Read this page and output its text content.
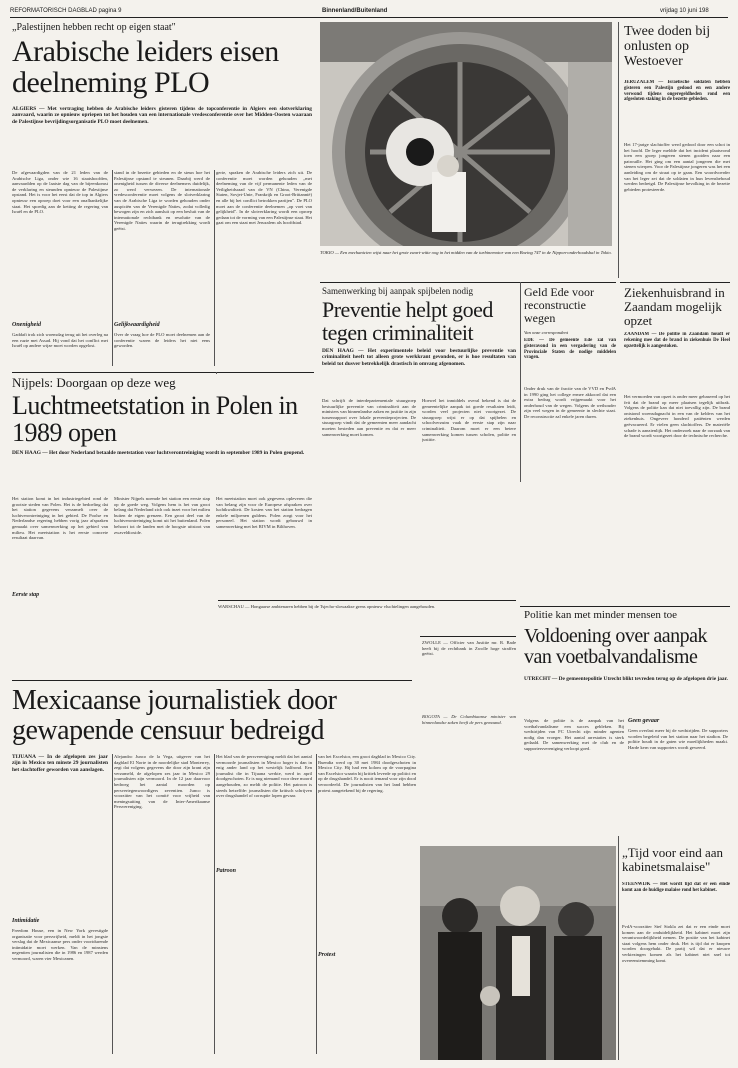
REFORMATORISCH DAGBLAD pagina 9	Binnenland/Buitenland	vrijdag 10 juni 198
„Palestijnen hebben recht op eigen staat"
Arabische leiders eisen deelneming PLO
ALGIERS — Met vertraging hebben de Arabische leiders gisteren tijdens de topconferentie in Algiers een slotverklaring aanvaard, waarin ze opnieuw opriepen tot het houden van een internationale vredesconferentie over het Midden-Oosten waaraan de Palestijnse bevrijdingsorganisatie PLO moet deelnemen.
De afgevaardigden van de 21 leden van de Arabische Liga, onder wie 16 staatshoofden, aanvaardden op de laatste dag van de bijeenkomst de verklaring en steunden opnieuw de Palestijnse opstand. Het is voor het eerst dat de top in Algiers opnieuw een oproep doet voor een onafhankelijke staat. Het spoedig aan de ketting de regering van Israël en de PLO.
Onenigheid
Gaddafi trok zich woensdag terug uit het overleg na een ruzie met Assad. Hij vond dat het conflict met Israël op andere wijze moet worden opgelost.
stand in de bezette gebieden en de steun hoe het Palestijnse opstand te steunen. Daarbij werd de onenigheid tussen de diverse deelnemers duidelijk, zo werd verwezen. De internationale vredesconferentie moet volgens de slotverklaring van de Arabische Liga te worden gehouden onder auspiciën van de Verenigde Naties, zodat volledig bewogen zijn en zich aansluit op een besluit van de internationale rechtbank en resolutie van de Verenigde Naties waarin de terugtrekking wordt geëist.
Gelijkwaardigheid
Over de vraag hoe de PLO moet deelnemen aan de conferentie waren de leiders het niet eens geworden.
gerie, spraken de Arabische leiders zich uit. De conferentie moet worden gehouden „met deelneming van de vijf permanente leden van de Veiligheidsraad van de VN (China, Verenigde Staten, Sovjet-Unie, Frankrijk en Groot-Brittannië) en alle bij het conflict betrokken partijen". De PLO moet aan de conferentie deelnemen „op voet van gelijkheid". In de slotverklaring wordt een oproep gedaan tot de vorming van een Palestijnse staat. Het gaat om een staat met Jeruzalem als hoofdstad.
TOKIO — Een mechanicien wijst naar het grote zwart-witte oog in het midden van de turbinemotor van een Boeing 747 in de Nippon-onderhoudshal in Tokio.
Twee doden bij onlusten op Westoever
JERUZALEM — Israëlische soldaten hebben gisteren een Palestijn gedood en een andere verwond tijdens ongeregeldheden rond een afgesloten staking in de bezette gebieden.
Het 17-jarige slachtoffer werd gedood door een schot in het hoofd. De leger meldde dat het incident plaatsvond toen een groep jongeren stenen gooiden naar een patrouille. Het ging om een aantal jongeren die met stenen wierpen. Voor de Palestijnse jongeren was het een aanleiding om de straat op te gaan. Een woordvoerder van het leger zei dat de soldaten in hun levensbehoud werden bedreigd. De Palestijnse bevolking in de bezette gebieden protesteerde.
Ziekenhuisbrand in Zaandam mogelijk opzet
ZAANDAM — De politie in Zaandam houdt er rekening mee dat de brand in ziekenhuis De Heel opzettelijk is aangestoken.
Het vermoeden van opzet is onder meer gebaseerd op het feit dat de brand op meer plaatsen tegelijk uitbrak. Volgens de politie kan dat niet toevallig zijn. De brand ontstond woensdagnacht in een van de kelders van het ziekenhuis. Ongeveer honderd patiënten werden geëvacueerd. Er vielen geen slachtoffers. De materiële schade is aanzienlijk. Het onderzoek naar de oorzaak van de brand wordt voortgezet door de technische recherche.
Nijpels: Doorgaan op deze weg
Luchtmeetstation in Polen in 1989 open
DEN HAAG — Het door Nederland betaalde meetstation voor luchtverontreiniging wordt in september 1989 in Polen geopend.
Het station komt in het industriegebied rond de grootste steden van Polen. Het is de bedoeling dat het station gegevens verzamelt over de luchtverontreiniging in het gebied. De Poolse en Nederlandse regering hebben vorig jaar afspraken gemaakt over samenwerking op het gebied van milieu. Het meetstation is het eerste concrete resultaat daarvan.
Eerste stap
Minister Nijpels noemde het station een eerste stap op de goede weg. Volgens hem is het van groot belang dat Nederland zich ook inzet voor het milieu buiten de eigen grenzen. Een groot deel van de luchtverontreiniging komt uit het buitenland. Polen behoort tot de landen met de hoogste uitstoot van zwaveldioxide.
Het meetstation moet ook gegevens opleveren die van belang zijn voor de Europese afspraken over luchtkwaliteit. De kosten van het station bedragen enkele miljoenen guldens. Polen zorgt voor het personeel. Het station wordt gebouwd in samenwerking met het RIVM in Bilthoven.
Samenwerking bij aanpak spijbelen nodig
Preventie helpt goed tegen criminaliteit
DEN HAAG — Het experimentele beleid voor bestuurlijke preventie van criminaliteit heeft tot alleen grote werkkrant gevonden, er is hoe resultaten van beleid tot dusver betrekkelijk drastisch in omvang afgenomen.
Dat schrijft de interdepartementale stuurgroep bestuurlijke preventie van criminaliteit aan de ministers van binnenlandse zaken en justitie in zijn tussenrapport over lokale preventieprojecten. De stuurgroep vindt dat de gemeenten meer aandacht moeten besteden aan preventie en dat er meer samenwerking moet komen.
Hoewel het inmiddels overal bekend is dat de gemeentelijke aanpak tot goede resultaten leidt, worden veel projecten niet voortgezet. De stuurgroep wijst er op dat spijbelen en schoolverzuim vaak de eerste stap zijn naar criminaliteit. Daarom moet er een betere samenwerking komen tussen scholen, politie en justitie.
Geld Ede voor reconstructie wegen
Van onze correspondent
EDE — De gemeente Ede zal van gisteravond in een vergadering van de Provinciale Staten de nodige middelen vragen.
Onder druk van de fractie van de VVD en PvdA in 1990 ging het college ermee akkoord dat een extra bedrag wordt vrijgemaakt voor het onderhoud van de wegen. Volgens de wethouder zijn veel wegen in de gemeente in slechte staat. De reconstructie zal enkele jaren duren.
WARSCHAU — Hongaarse ambtenaren hebben bij de Tsjecho-slowaakse grens opnieuw vluchtelingen aangehouden.
ZWOLLE — Officier van Justitie mr. R. Bade heeft bij de rechtbank in Zwolle hoge straffen geëist.
BOGOTA — De Columbiaanse minister van binnenlandse zaken heeft de pers gemaand.
Politie kan met minder mensen toe
Voldoening over aanpak van voetbalvandalisme
UTRECHT — De gemeentepolitie Utrecht blikt tevreden terug op de afgelopen drie jaar.
Volgens de politie is de aanpak van het voetbalvandalisme een succes gebleken. Bij wedstrijden van FC Utrecht zijn minder agenten nodig dan vroeger. Het aantal arrestaties is sterk gedaald. De samenwerking met de club en de supportersvereniging verloopt goed.
Geen gevaar
Geen overlast meer bij de wedstrijden. De supporters worden begeleid van het station naar het stadion. De politie houdt in de gaten wie moeilijkheden maakt. Harde kern van supporters wordt geweerd.
Mexicaanse journalistiek door gewapende censuur bedreigd
TIJUANA — In de afgelopen zes jaar zijn in Mexico ten minste 29 journalisten het slachtoffer geworden van aanslagen.
Intimidatie
Freedom House, een in New York gevestigde organisatie voor persvrijheid, meldt in het jongste verslag dat de Mexicaanse pers onder voortdurende intimidatie moet werken. Van de minstens negentien journalisten die in 1986 en 1987 werden vermoord, waren vier Mexicanen.
Alejandro Junco de la Vega, uitgever van het dagblad El Norte in de noordelijke stad Monterrey, zegt dat volgens gegevens die door zijn krant zijn verzameld, de afgelopen zes jaar in Mexico 29 journalisten zijn vermoord. In de 12 jaar daarvoor bedroeg het aantal moorden op persvertegenwoordigers zeventien. Junco is voorzitter van het comité voor vrijheid van meningsuiting van de Inter-Amerikaanse Persvereniging.
Patroon
Het blad van de persvereniging meldt dat het aantal vermoorde journalisten in Mexico hoger is dan in enig ander land op het westelijk halfrond. Een journalist die in Tijuana werkte, werd in april doodgeschoten. Er is nog niemand voor deze moord aangehouden, zo meldt de politie. Het patroon is steeds hetzelfde: journalisten die kritisch schrijven over drugshandel of corruptie lopen gevaar.
Protest
van het Excelsior, een groot dagblad in Mexico City. Buendia werd op 30 mei 1984 doodgeschoten in Mexico City. Hij had een kolom op de voorpagina van Excelsior waarin hij kritiek leverde op politici en op de drugshandel. Er is nooit iemand voor zijn dood veroordeeld. De journalisten van het land hebben protest aangetekend bij de regering.
„Tijd voor eind aan kabinetsmalaise"
STEENWIJK — Het wordt tijd dat er een einde komt aan de huidige malaise rond het kabinet.
PvdA-voorzitter Stef Stokla zei dat er een einde moet komen aan de onduidelijkheid. Het kabinet moet zijn verantwoordelijkheid nemen. De positie van het kabinet staat volgens hem onder druk. Het is tijd dat er knopen worden doorgehakt. De partij wil dat er nieuwe verkiezingen komen als het kabinet niet snel tot overeenstemming komt.
